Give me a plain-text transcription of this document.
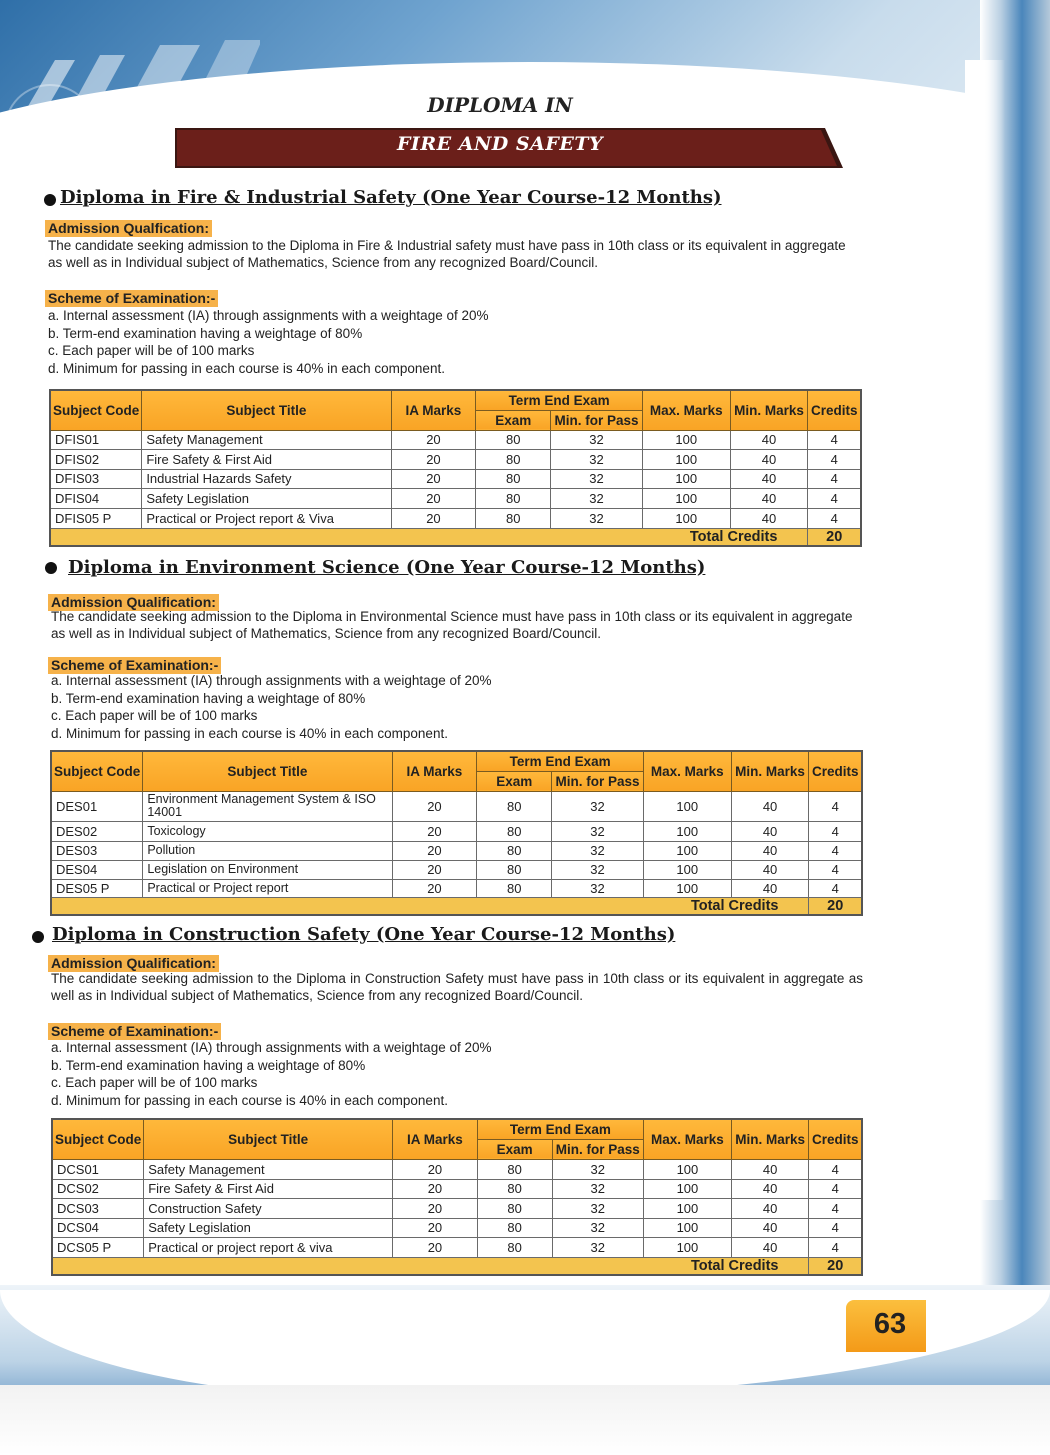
DIPLOMA IN
FIRE AND SAFETY
Diploma in Fire & Industrial Safety (One Year Course-12 Months)
Admission Qualfication:
The candidate seeking admission to the Diploma in Fire & Industrial safety must have pass in 10th class or its equivalent in aggregate as well as in Individual subject of Mathematics, Science from any recognized Board/Council.
Scheme of Examination:-
a. Internal assessment (IA) through assignments with a weightage of 20%
b. Term-end examination having a weightage of 80%
c. Each paper will be of 100 marks
d. Minimum for passing in each course is 40% in each component.
Subject Code	Subject Title	IA Marks	Term End Exam		Max. Marks	Min. Marks	Credits
			Exam	Min. for Pass			
DFIS01	Safety Management	20	80	32	100	40	4
DFIS02	Fire Safety & First Aid	20	80	32	100	40	4
DFIS03	Industrial Hazards Safety	20	80	32	100	40	4
DFIS04	Safety Legislation	20	80	32	100	40	4
DFIS05 P	Practical or Project report & Viva	20	80	32	100	40	4
Total Credits							20
Diploma in Environment Science (One Year Course-12 Months)
Admission Qualification:
The candidate seeking admission to the Diploma in Environmental Science must have pass in 10th class or its equivalent in aggregate as well as in Individual subject of Mathematics, Science from any recognized Board/Council.
Scheme of Examination:-
a. Internal assessment (IA) through assignments with a weightage of 20%
b. Term-end examination having a weightage of 80%
c. Each paper will be of 100 marks
d. Minimum for passing in each course is 40% in each component.
Subject Code	Subject Title	IA Marks	Term End Exam		Max. Marks	Min. Marks	Credits
			Exam	Min. for Pass			
DES01	Environment Management System & ISO 14001	20	80	32	100	40	4
DES02	Toxicology	20	80	32	100	40	4
DES03	Pollution	20	80	32	100	40	4
DES04	Legislation on Environment	20	80	32	100	40	4
DES05 P	Practical or Project report	20	80	32	100	40	4
Total Credits							20
Diploma in Construction Safety (One Year Course-12 Months)
Admission Qualification:
The candidate seeking admission to the Diploma in Construction Safety must have pass in 10th class or its equivalent in aggregate as well as in Individual subject of Mathematics, Science from any recognized Board/Council.
Scheme of Examination:-
a. Internal assessment (IA) through assignments with a weightage of 20%
b. Term-end examination having a weightage of 80%
c. Each paper will be of 100 marks
d. Minimum for passing in each course is 40% in each component.
Subject Code	Subject Title	IA Marks	Term End Exam		Max. Marks	Min. Marks	Credits
			Exam	Min. for Pass			
DCS01	Safety Management	20	80	32	100	40	4
DCS02	Fire Safety & First Aid	20	80	32	100	40	4
DCS03	Construction Safety	20	80	32	100	40	4
DCS04	Safety Legislation	20	80	32	100	40	4
DCS05 P	Practical or project report & viva	20	80	32	100	40	4
Total Credits							20
63
